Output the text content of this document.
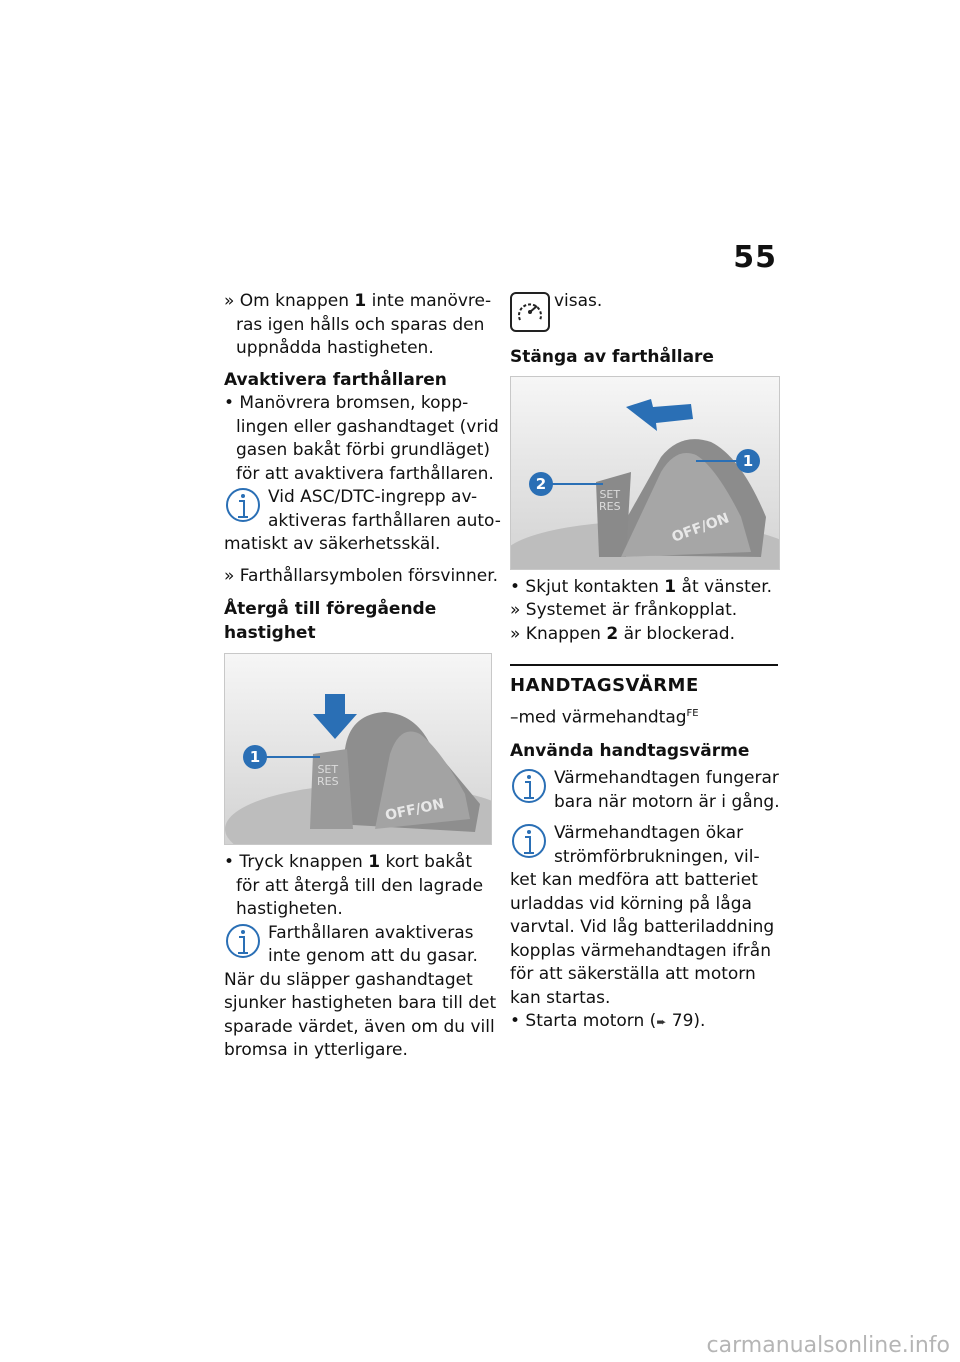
55
» Om knappen 1 inte manövre-
ras igen hålls och sparas den
uppnådda hastigheten.
Avaktivera farthållaren
• Manövrera bromsen, kopp-
lingen eller gashandtaget (vrid
gasen bakåt förbi grundläget)
för att avaktivera farthållaren.
Vid ASC/DTC-ingrepp av-
aktiveras farthållaren auto-
matiskt av säkerhetsskäl.
» Farthållarsymbolen försvinner.
Återgå till föregående
hastighet
1
SET
RES
OFF/ON
• Tryck knappen 1 kort bakåt
för att återgå till den lagrade
hastigheten.
Farthållaren avaktiveras
inte genom att du gasar.
När du släpper gashandtaget
sjunker hastigheten bara till det
sparade värdet, även om du vill
bromsa in ytterligare.
visas.
Stänga av farthållare
1
2
SET
RES
OFF/ON
• Skjut kontakten 1 åt vänster.
» Systemet är frånkopplat.
» Knappen 2 är blockerad.
HANDTAGSVÄRME
–med värmehandtag$^{FE}$
Använda handtagsvärme
Värmehandtagen fungerar
bara när motorn är i gång.
Värmehandtagen ökar
strömförbrukningen, vil-
ket kan medföra att batteriet
urladdas vid körning på låga
varvtal. Vid låg batteriladdning
kopplas värmehandtagen ifrån
för att säkerställa att motorn
kan startas.
• Starta motorn (➨ 79).
carmanualsonline.info
